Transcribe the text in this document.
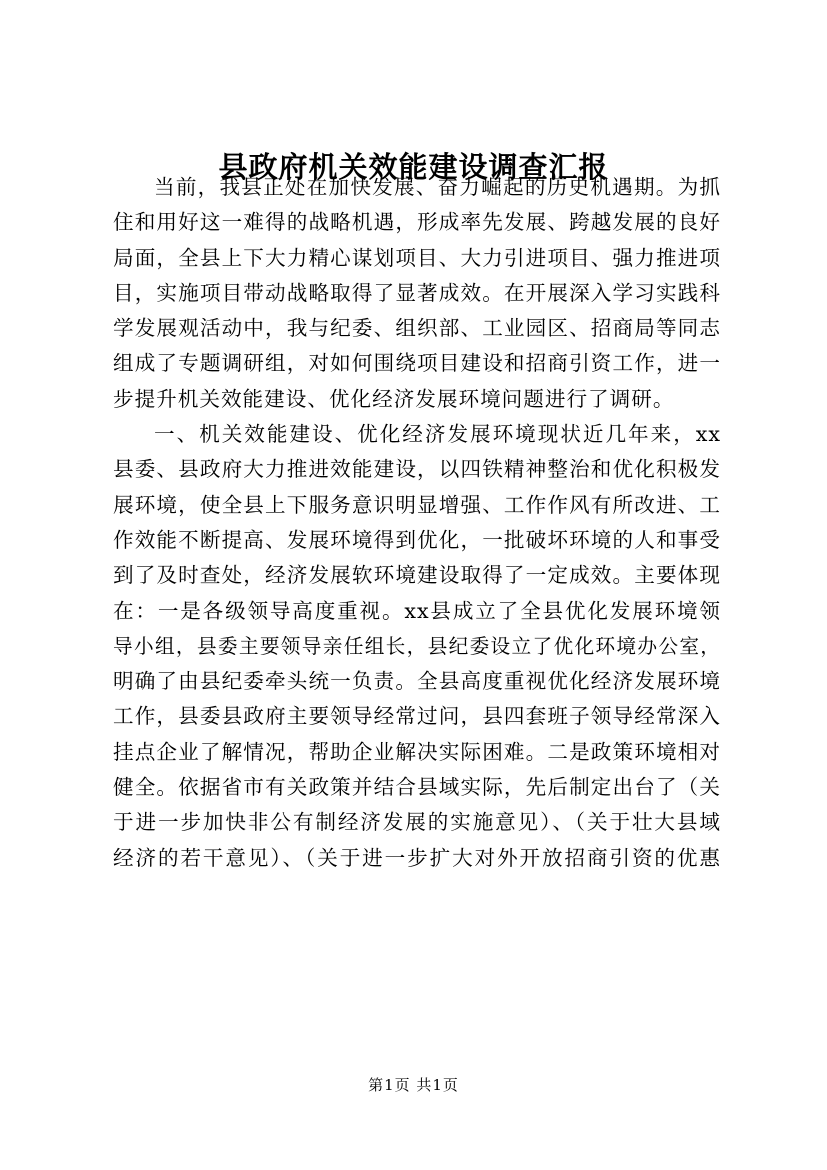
县政府机关效能建设调查汇报
当前，我县正处在加快发展、奋力崛起的历史机遇期。为抓
住和用好这一难得的战略机遇，形成率先发展、跨越发展的良好
局面，全县上下大力精心谋划项目、大力引进项目、强力推进项
目，实施项目带动战略取得了显著成效。在开展深入学习实践科
学发展观活动中，我与纪委、组织部、工业园区、招商局等同志
组成了专题调研组，对如何围绕项目建设和招商引资工作，进一
步提升机关效能建设、优化经济发展环境问题进行了调研。
一、机关效能建设、优化经济发展环境现状近几年来，xx
县委、县政府大力推进效能建设，以四铁精神整治和优化积极发
展环境，使全县上下服务意识明显增强、工作作风有所改进、工
作效能不断提高、发展环境得到优化，一批破坏环境的人和事受
到了及时查处，经济发展软环境建设取得了一定成效。主要体现
在：一是各级领导高度重视。xx县成立了全县优化发展环境领
导小组，县委主要领导亲任组长，县纪委设立了优化环境办公室，
明确了由县纪委牵头统一负责。全县高度重视优化经济发展环境
工作，县委县政府主要领导经常过问，县四套班子领导经常深入
挂点企业了解情况，帮助企业解决实际困难。二是政策环境相对
健全。依据省市有关政策并结合县域实际，先后制定出台了（关
于进一步加快非公有制经济发展的实施意见）、（关于壮大县域
经济的若干意见）、（关于进一步扩大对外开放招商引资的优惠
第1页 共1页
